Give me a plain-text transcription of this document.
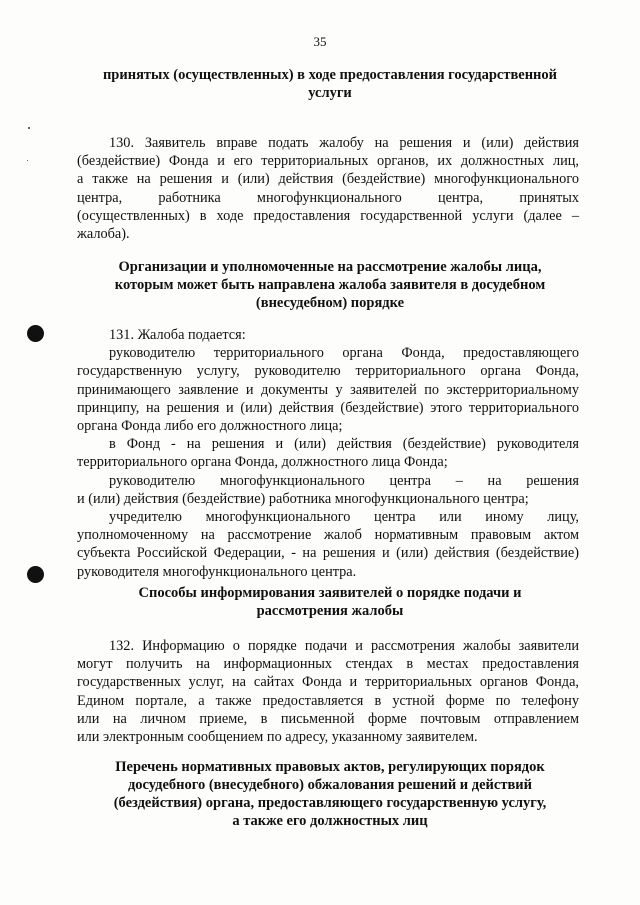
35
принятых (осуществленных) в ходе предоставления государственной
услуги
130. Заявитель вправе подать жалобу на решения и (или) действия
(бездействие) Фонда и его территориальных органов, их должностных лиц,
а также на решения и (или) действия (бездействие) многофункционального
центра, работника многофункционального центра, принятых
(осуществленных) в ходе предоставления государственной услуги (далее –
жалоба).
Организации и уполномоченные на рассмотрение жалобы лица,
которым может быть направлена жалоба заявителя в досудебном
(внесудебном) порядке
131. Жалоба подается:
руководителю территориального органа Фонда, предоставляющего
государственную услугу, руководителю территориального органа Фонда,
принимающего заявление и документы у заявителей по экстерриториальному
принципу, на решения и (или) действия (бездействие) этого территориального
органа Фонда либо его должностного лица;
в Фонд - на решения и (или) действия (бездействие) руководителя
территориального органа Фонда, должностного лица Фонда;
руководителю многофункционального центра – на решения
и (или) действия (бездействие) работника многофункционального центра;
учредителю многофункционального центра или иному лицу,
уполномоченному на рассмотрение жалоб нормативным правовым актом
субъекта Российской Федерации, - на решения и (или) действия (бездействие)
руководителя многофункционального центра.
Способы информирования заявителей о порядке подачи и
рассмотрения жалобы
132. Информацию о порядке подачи и рассмотрения жалобы заявители
могут получить на информационных стендах в местах предоставления
государственных услуг, на сайтах Фонда и территориальных органов Фонда,
Едином портале, а также предоставляется в устной форме по телефону
или на личном приеме, в письменной форме почтовым отправлением
или электронным сообщением по адресу, указанному заявителем.
Перечень нормативных правовых актов, регулирующих порядок
досудебного (внесудебного) обжалования решений и действий
(бездействия) органа, предоставляющего государственную услугу,
а также его должностных лиц
